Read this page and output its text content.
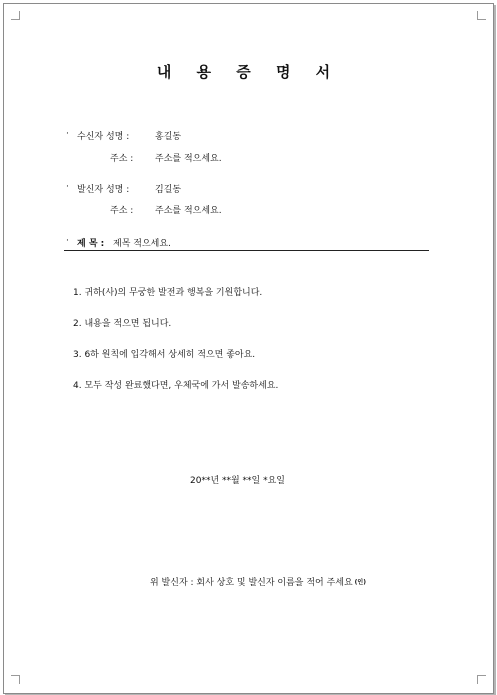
내 용 증 명 서
· 수신자 성명 :	홍길동
주소 : 주소를 적으세요.
· 발신자 성명 :	김길동
주소 : 주소를 적으세요.
· 제 목 : 제목 적으세요.
1. 귀하(사)의 무궁한 발전과 행복을 기원합니다.
2. 내용을 적으면 됩니다.
3. 6하 원칙에 입각해서 상세히 적으면 좋아요.
4. 모두 작성 완료했다면, 우체국에 가서 발송하세요.
20**년 **월 **일 *요일
위 발신자 : 회사 상호 및 발신자 이름을 적어 주세요 (인)
